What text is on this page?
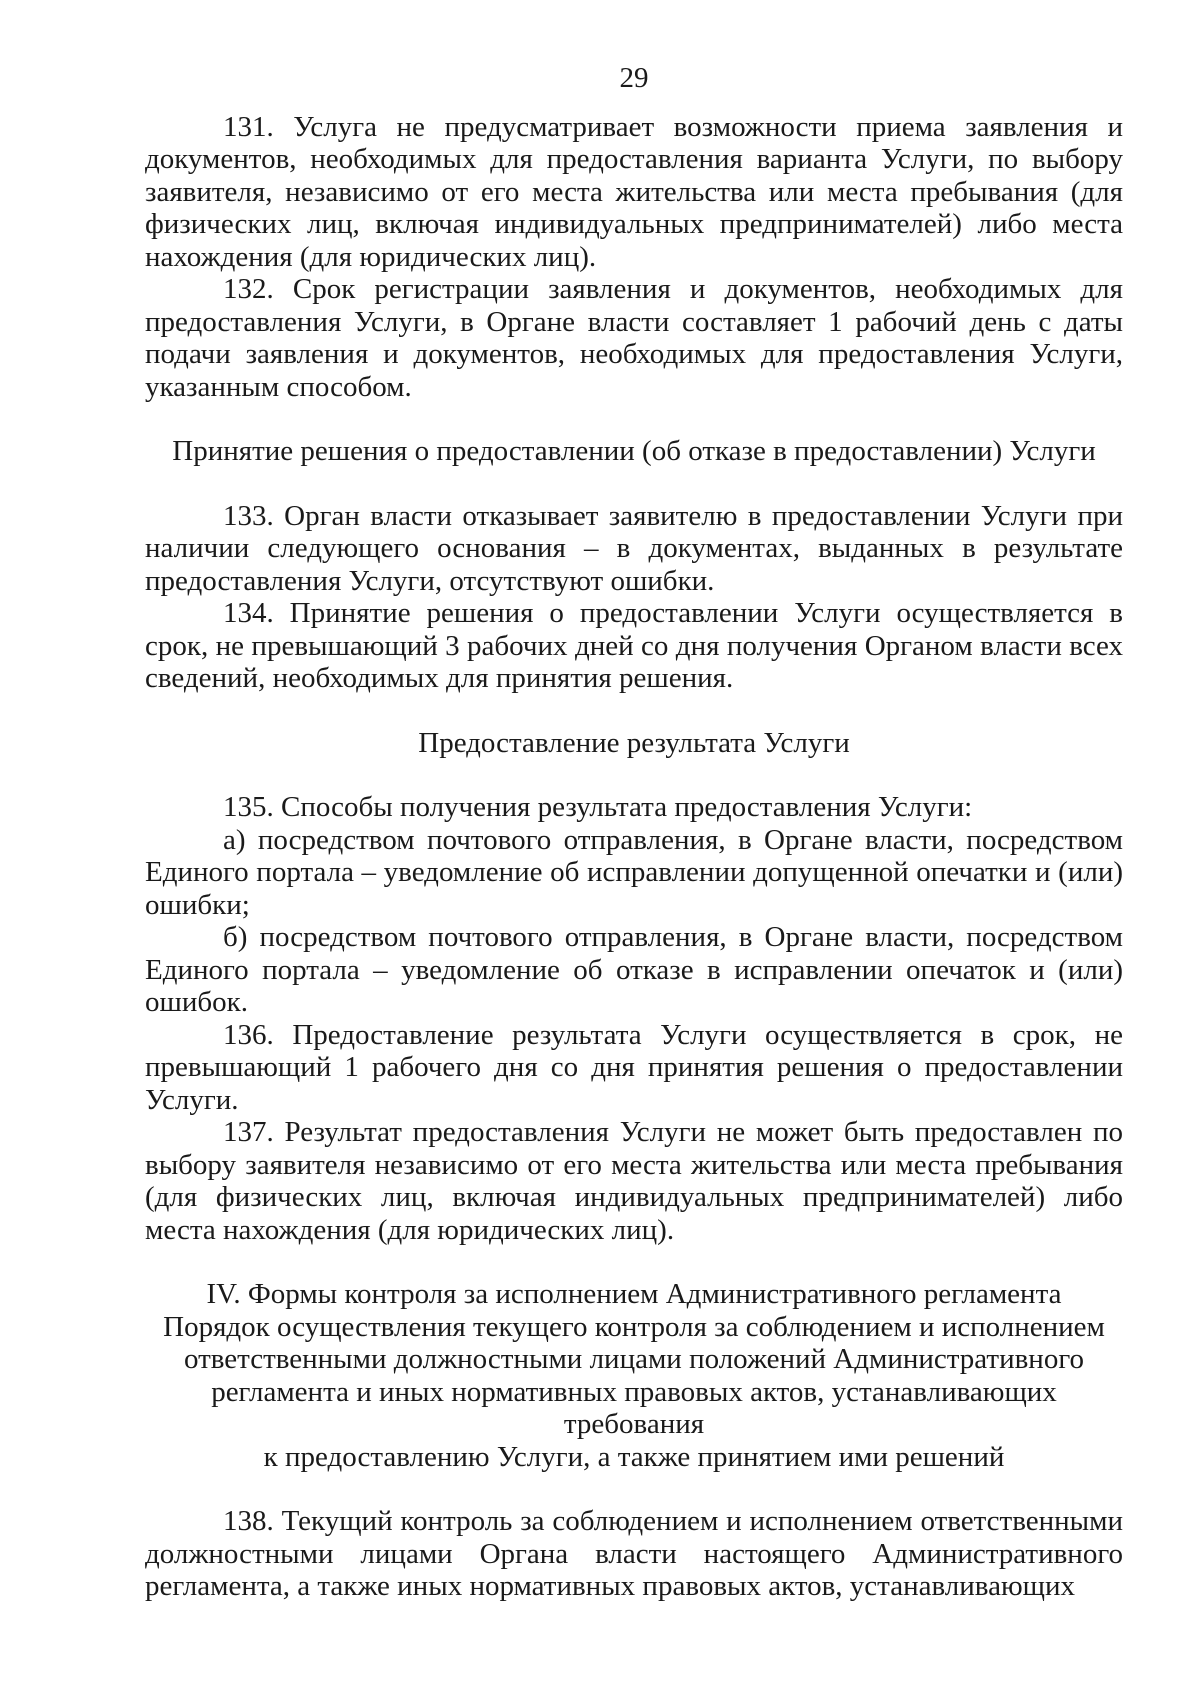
29

131. Услуга не предусматривает возможности приема заявления и документов, необходимых для предоставления варианта Услуги, по выбору заявителя, независимо от его места жительства или места пребывания (для физических лиц, включая индивидуальных предпринимателей) либо места нахождения (для юридических лиц).

132. Срок регистрации заявления и документов, необходимых для предоставления Услуги, в Органе власти составляет 1 рабочий день с даты подачи заявления и документов, необходимых для предоставления Услуги, указанным способом.

Принятие решения о предоставлении (об отказе в предоставлении) Услуги

133. Орган власти отказывает заявителю в предоставлении Услуги при наличии следующего основания – в документах, выданных в результате предоставления Услуги, отсутствуют ошибки.

134. Принятие решения о предоставлении Услуги осуществляется в срок, не превышающий 3 рабочих дней со дня получения Органом власти всех сведений, необходимых для принятия решения.

Предоставление результата Услуги

135. Способы получения результата предоставления Услуги:

а) посредством почтового отправления, в Органе власти, посредством Единого портала – уведомление об исправлении допущенной опечатки и (или) ошибки;

б) посредством почтового отправления, в Органе власти, посредством Единого портала – уведомление об отказе в исправлении опечаток и (или) ошибок.

136. Предоставление результата Услуги осуществляется в срок, не превышающий 1 рабочего дня со дня принятия решения о предоставлении Услуги.

137. Результат предоставления Услуги не может быть предоставлен по выбору заявителя независимо от его места жительства или места пребывания (для физических лиц, включая индивидуальных предпринимателей) либо места нахождения (для юридических лиц).

IV. Формы контроля за исполнением Административного регламента
Порядок осуществления текущего контроля за соблюдением и исполнением
ответственными должностными лицами положений Административного
регламента и иных нормативных правовых актов, устанавливающих требования
к предоставлению Услуги, а также принятием ими решений

138. Текущий контроль за соблюдением и исполнением ответственными должностными лицами Органа власти настоящего Административного регламента, а также иных нормативных правовых актов, устанавливающих
